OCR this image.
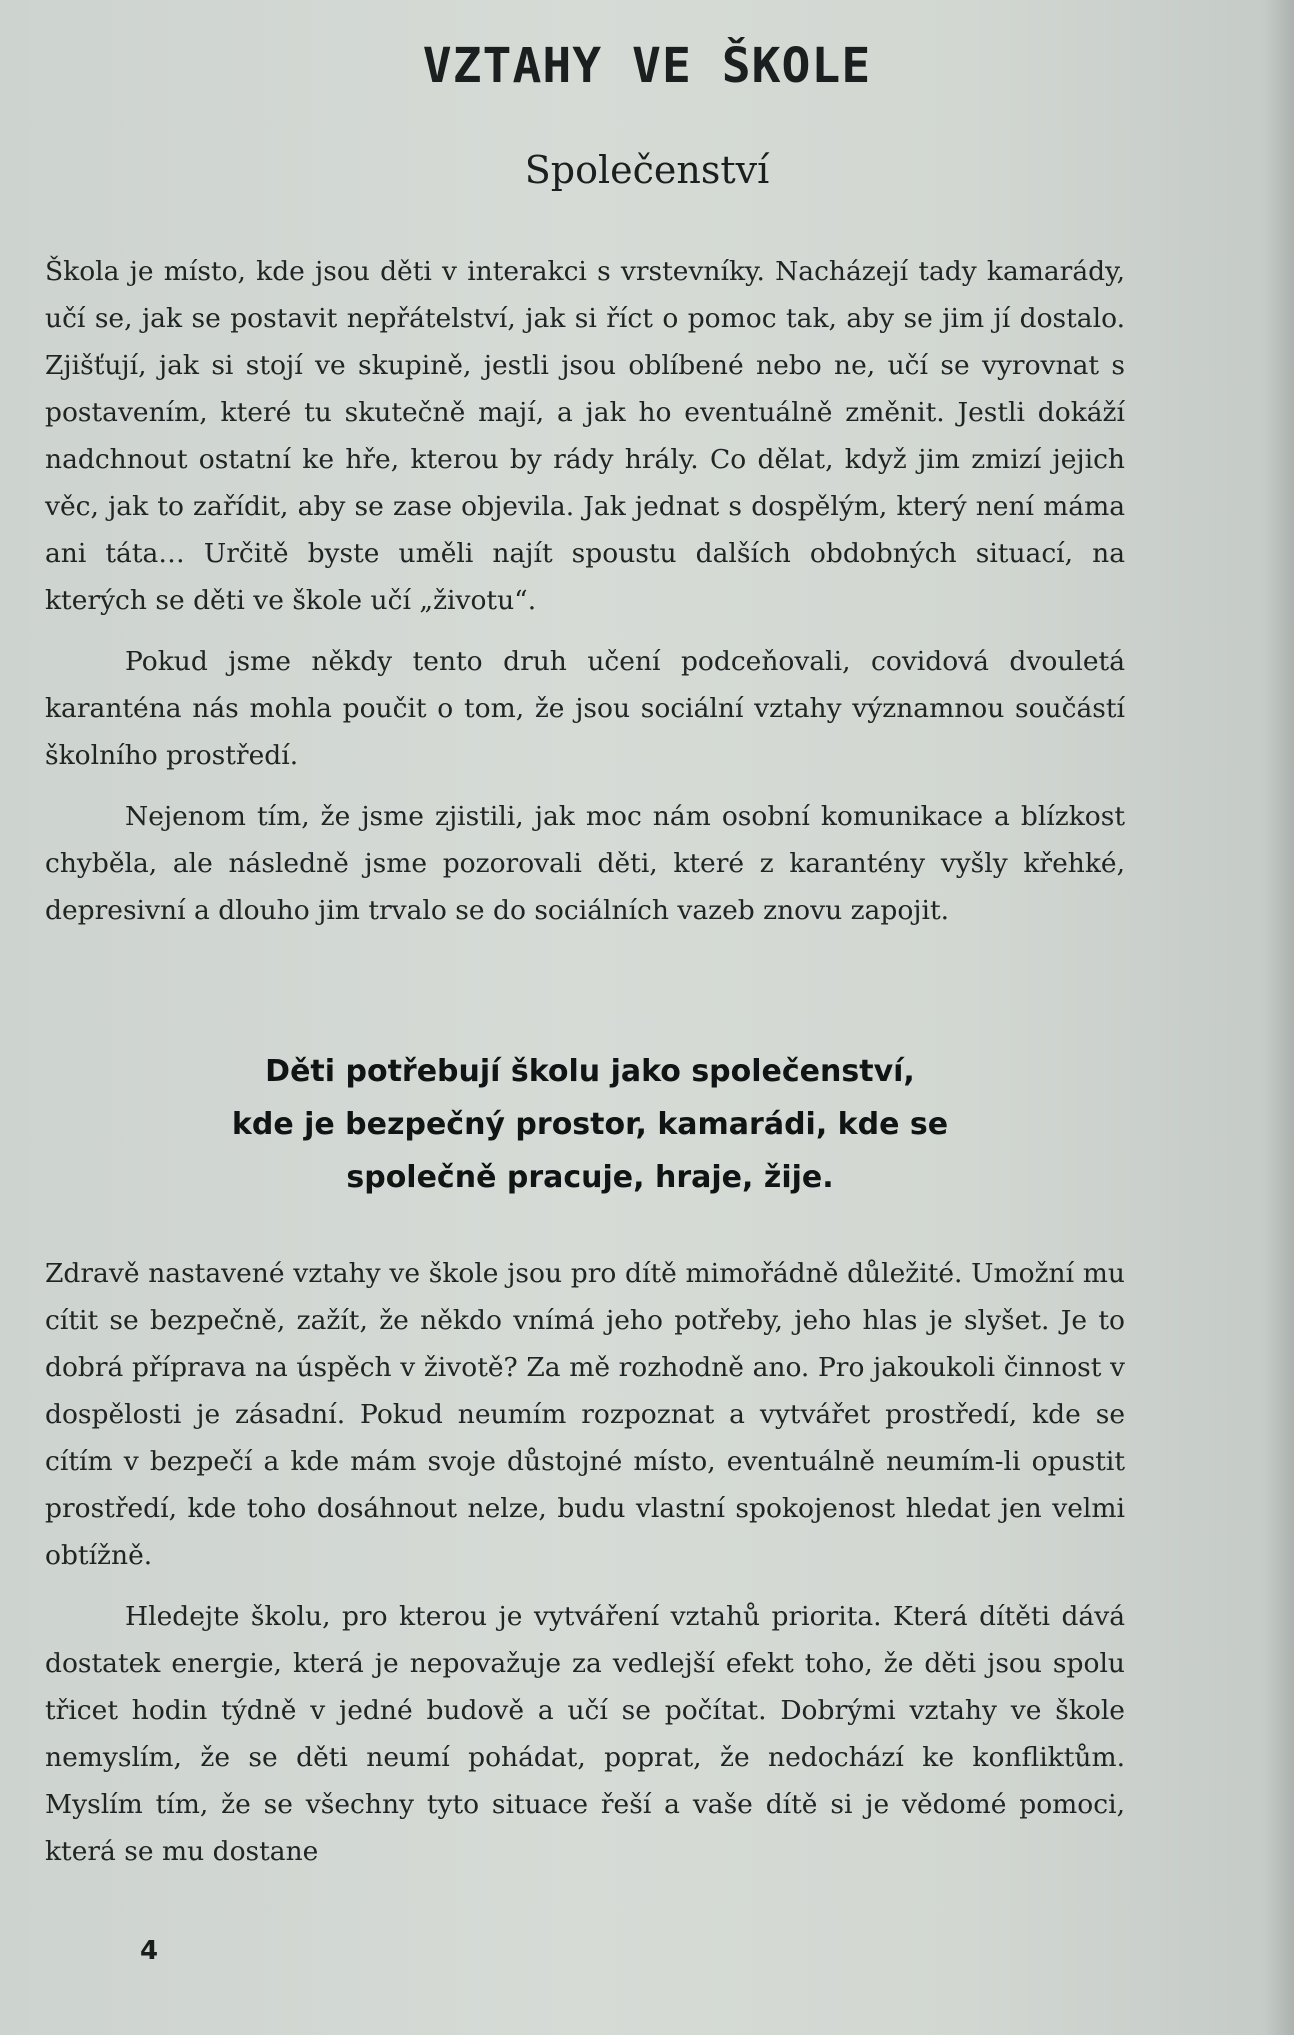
VZTAHY VE ŠKOLE
Společenství

Škola je místo, kde jsou děti v interakci s vrstevníky. Nacházejí tady kamarády, učí se, jak se postavit nepřátelství, jak si říct o pomoc tak, aby se jim jí dostalo. Zjišťují, jak si stojí ve skupině, jestli jsou oblíbené nebo ne, učí se vyrovnat s postavením, které tu skutečně mají, a jak ho eventuálně změnit. Jestli dokáží nadchnout ostatní ke hře, kterou by rády hrály. Co dělat, když jim zmizí jejich věc, jak to zařídit, aby se zase objevila. Jak jednat s dospělým, který není máma ani táta… Určitě byste uměli najít spoustu dalších obdobných situací, na kterých se děti ve škole učí „životu“.

Pokud jsme někdy tento druh učení podceňovali, covidová dvouletá karanténa nás mohla poučit o tom, že jsou sociální vztahy významnou součástí školního prostředí.

Nejenom tím, že jsme zjistili, jak moc nám osobní komunikace a blízkost chyběla, ale následně jsme pozorovali děti, které z karantény vyšly křehké, depresivní a dlouho jim trvalo se do sociálních vazeb znovu zapojit.

Děti potřebují školu jako společenství,
kde je bezpečný prostor, kamarádi, kde se
společně pracuje, hraje, žije.

Zdravě nastavené vztahy ve škole jsou pro dítě mimořádně důležité. Umožní mu cítit se bezpečně, zažít, že někdo vnímá jeho potřeby, jeho hlas je slyšet. Je to dobrá příprava na úspěch v životě? Za mě rozhodně ano. Pro jakoukoli činnost v dospělosti je zásadní. Pokud neumím rozpoznat a vytvářet prostředí, kde se cítím v bezpečí a kde mám svoje důstojné místo, eventuálně neumím-li opustit prostředí, kde toho dosáhnout nelze, budu vlastní spokojenost hledat jen velmi obtížně.

Hledejte školu, pro kterou je vytváření vztahů priorita. Která dítěti dává dostatek energie, která je nepovažuje za vedlejší efekt toho, že děti jsou spolu třicet hodin týdně v jedné budově a učí se počítat. Dobrými vztahy ve škole nemyslím, že se děti neumí pohádat, poprat, že nedochází ke konfliktům. Myslím tím, že se všechny tyto situace řeší a vaše dítě si je vědomé pomoci, která se mu dostane

4
